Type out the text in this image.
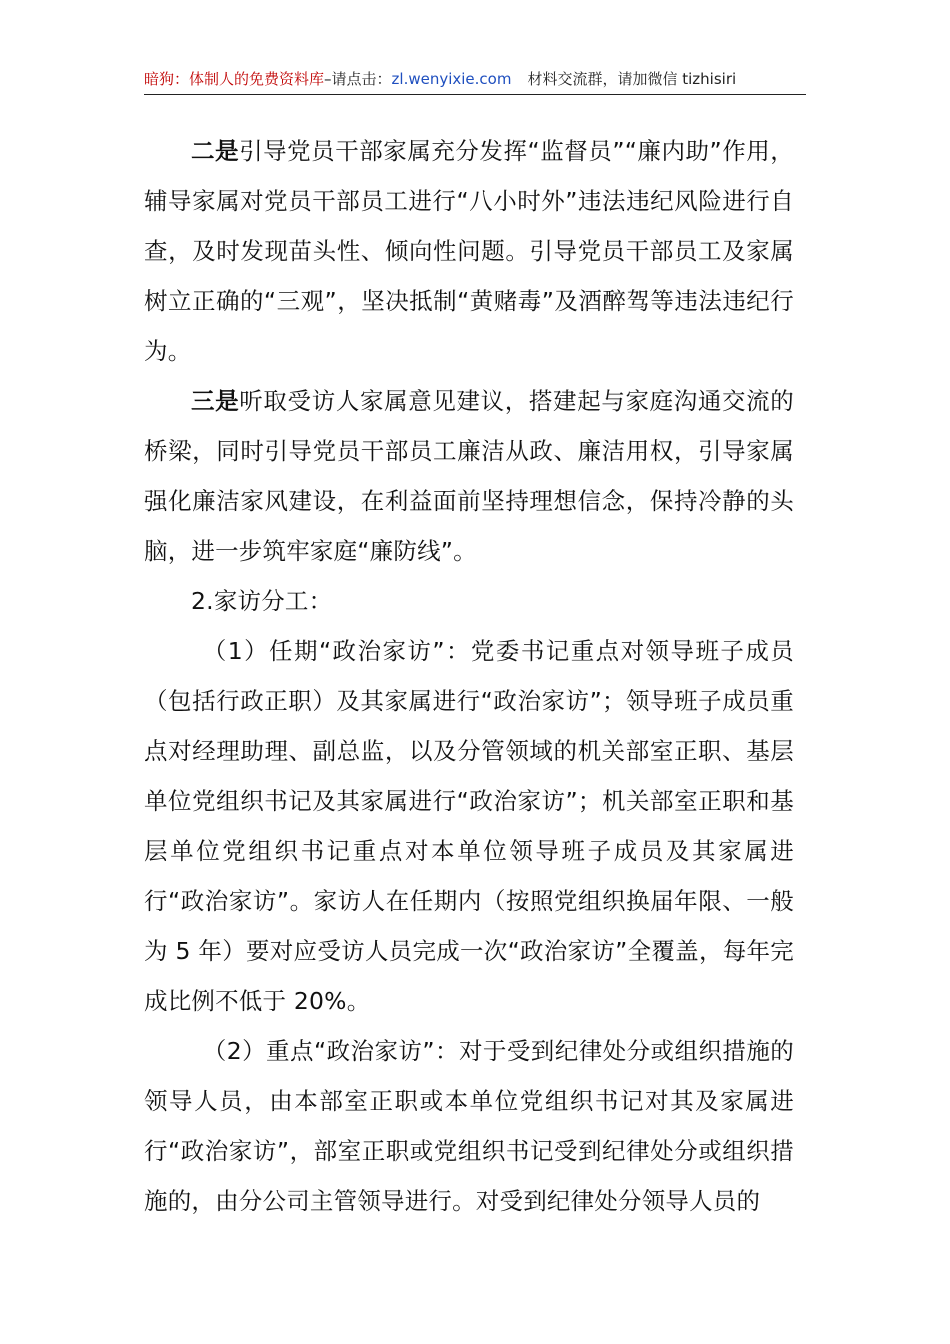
暗狗：体制人的免费资料库–请点击：zl.wenyixie.com 材料交流群，请加微信 tizhisiri

二是引导党员干部家属充分发挥“监督员”“廉内助”作用，辅导家属对党员干部员工进行“八小时外”违法违纪风险进行自查，及时发现苗头性、倾向性问题。引导党员干部员工及家属树立正确的“三观”，坚决抵制“黄赌毒”及酒醉驾等违法违纪行为。

三是听取受访人家属意见建议，搭建起与家庭沟通交流的桥梁，同时引导党员干部员工廉洁从政、廉洁用权，引导家属强化廉洁家风建设，在利益面前坚持理想信念，保持冷静的头脑，进一步筑牢家庭“廉防线”。

2.家访分工：

（1）任期“政治家访”：党委书记重点对领导班子成员（包括行政正职）及其家属进行“政治家访”；领导班子成员重点对经理助理、副总监，以及分管领域的机关部室正职、基层单位党组织书记及其家属进行“政治家访”；机关部室正职和基层单位党组织书记重点对本单位领导班子成员及其家属进行“政治家访”。家访人在任期内（按照党组织换届年限、一般为 5 年）要对应受访人员完成一次“政治家访”全覆盖，每年完成比例不低于 20%。

（2）重点“政治家访”：对于受到纪律处分或组织措施的领导人员，由本部室正职或本单位党组织书记对其及家属进行“政治家访”，部室正职或党组织书记受到纪律处分或组织措施的，由分公司主管领导进行。对受到纪律处分领导人员的
